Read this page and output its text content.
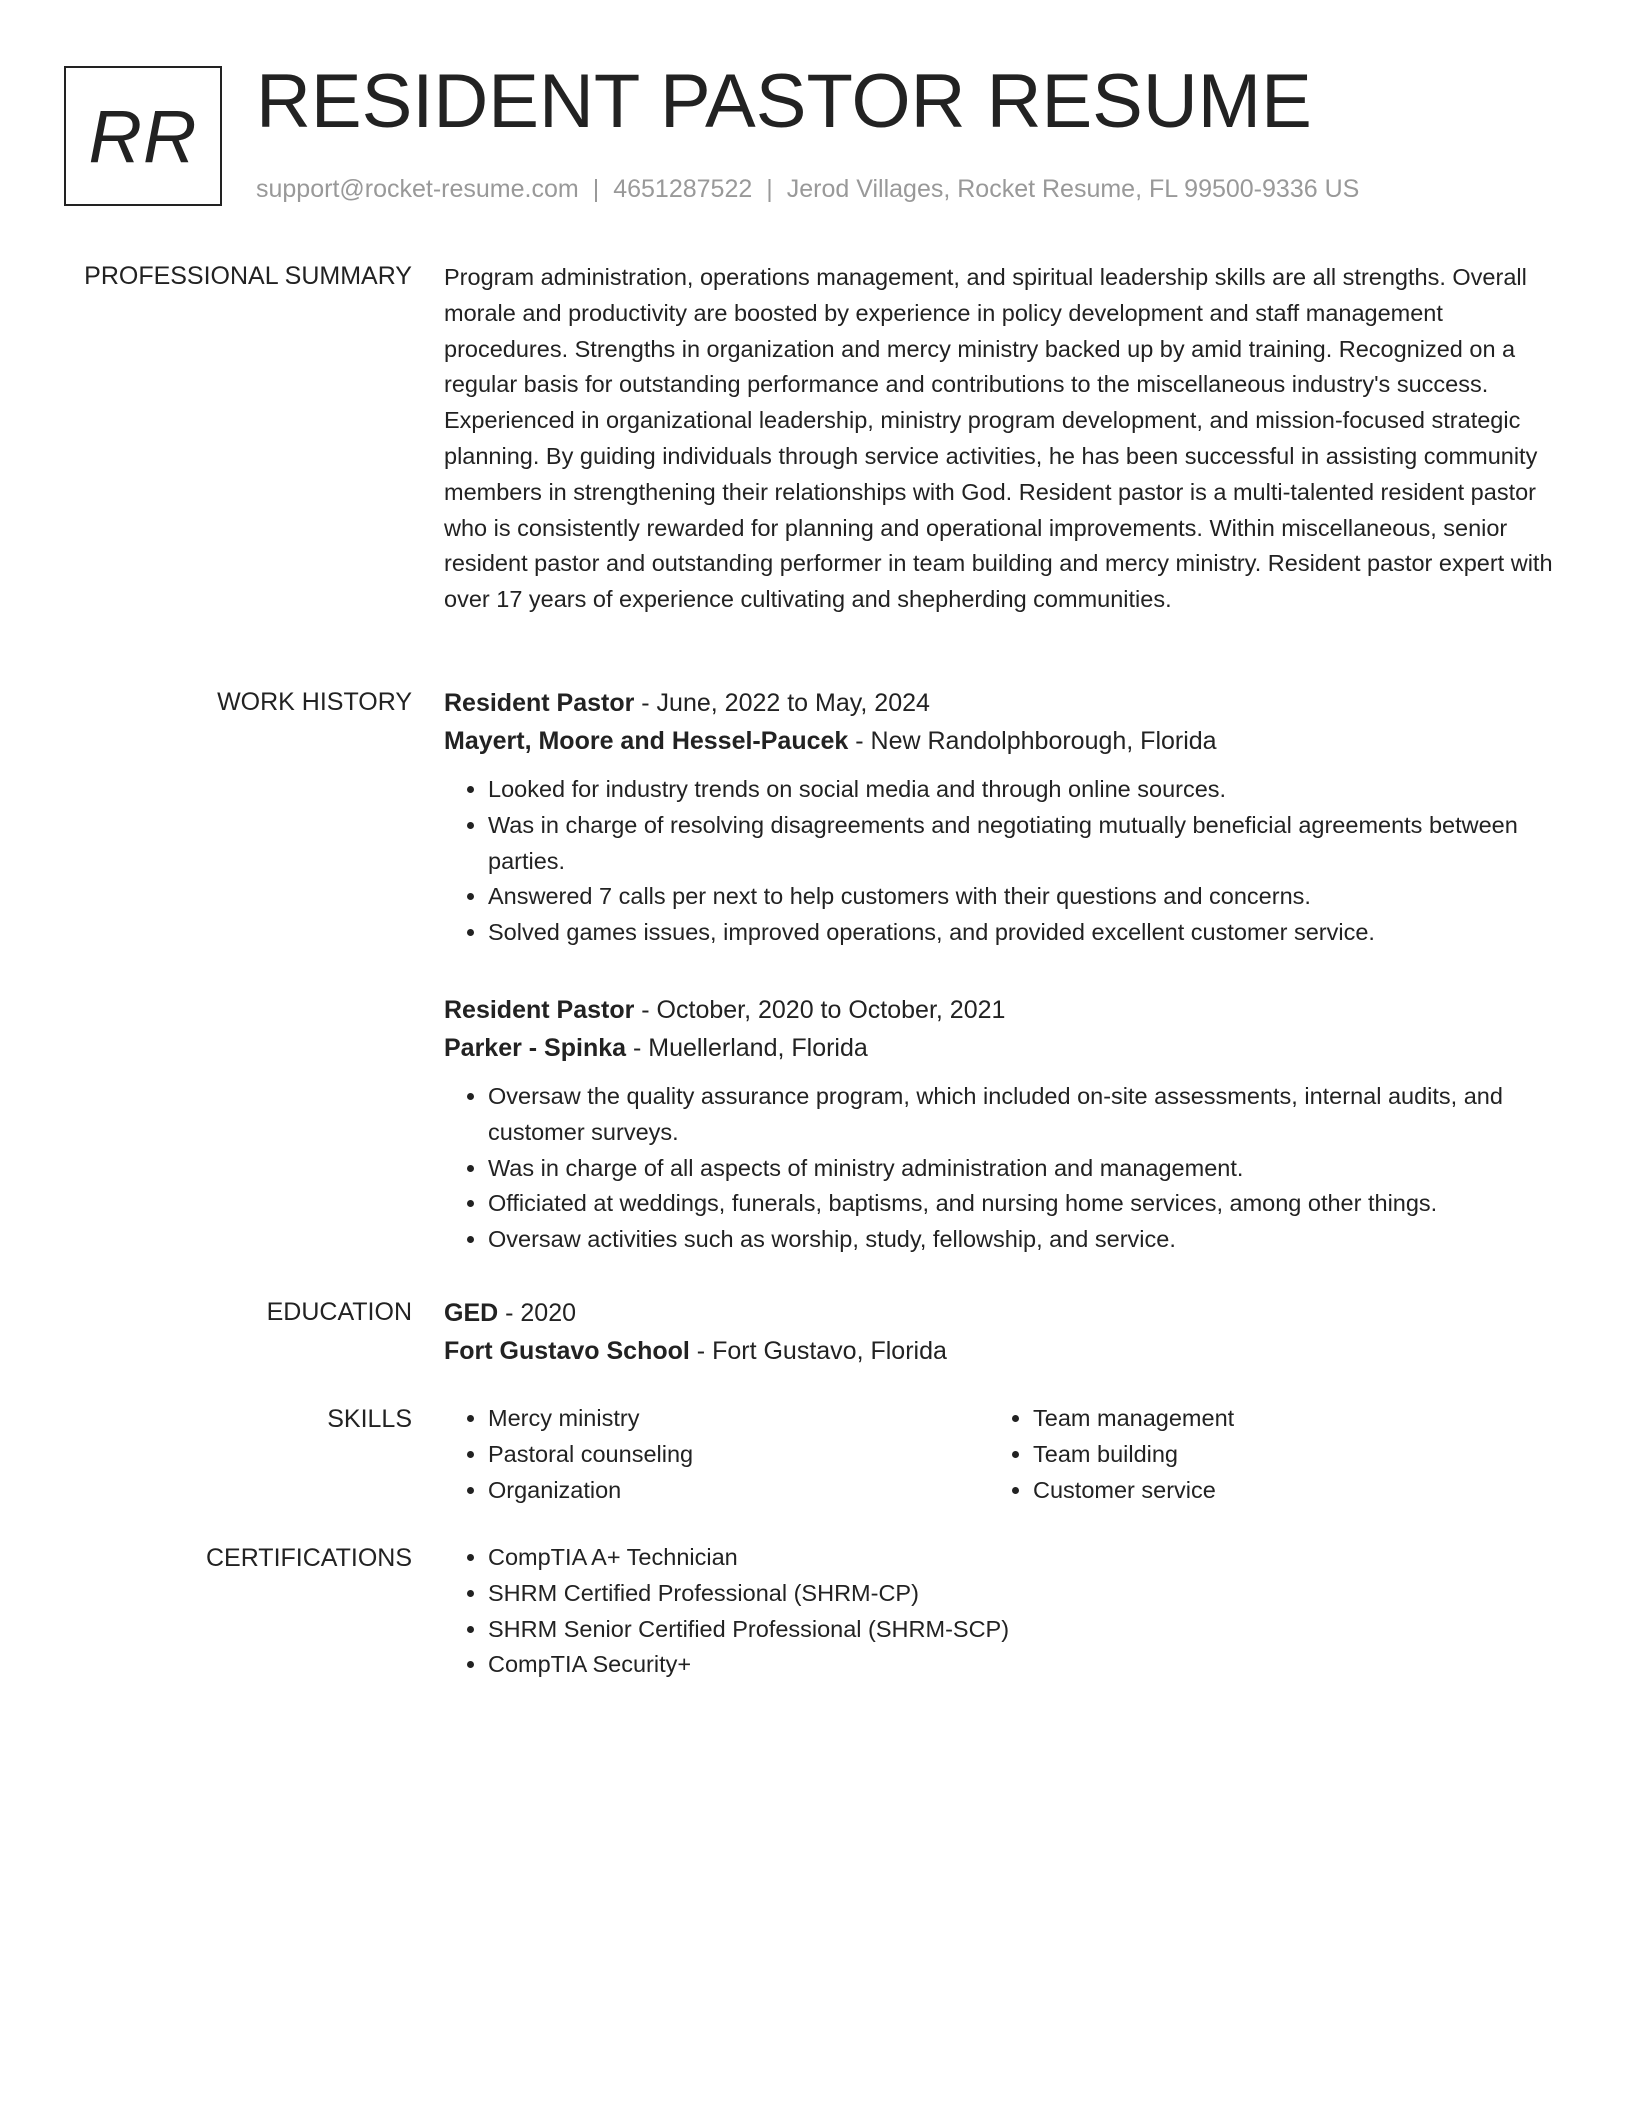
RR RESIDENT PASTOR RESUME
support@rocket-resume.com | 4651287522 | Jerod Villages, Rocket Resume, FL 99500-9336 US
PROFESSIONAL SUMMARY Program administration, operations management, and spiritual leadership skills are all strengths. Overall morale and productivity are boosted by experience in policy development and staff management procedures. Strengths in organization and mercy ministry backed up by amid training. Recognized on a regular basis for outstanding performance and contributions to the miscellaneous industry's success. Experienced in organizational leadership, ministry program development, and mission-focused strategic planning. By guiding individuals through service activities, he has been successful in assisting community members in strengthening their relationships with God. Resident pastor is a multi-talented resident pastor who is consistently rewarded for planning and operational improvements. Within miscellaneous, senior resident pastor and outstanding performer in team building and mercy ministry. Resident pastor expert with over 17 years of experience cultivating and shepherding communities.

WORK HISTORY Resident Pastor - June, 2022 to May, 2024
Mayert, Moore and Hessel-Paucek - New Randolphborough, Florida
• Looked for industry trends on social media and through online sources.
• Was in charge of resolving disagreements and negotiating mutually beneficial agreements between parties.
• Answered 7 calls per next to help customers with their questions and concerns.
• Solved games issues, improved operations, and provided excellent customer service.
Resident Pastor - October, 2020 to October, 2021
Parker - Spinka - Muellerland, Florida
• Oversaw the quality assurance program, which included on-site assessments, internal audits, and customer surveys.
• Was in charge of all aspects of ministry administration and management.
• Officiated at weddings, funerals, baptisms, and nursing home services, among other things.
• Oversaw activities such as worship, study, fellowship, and service.
EDUCATION GED - 2020
Fort Gustavo School - Fort Gustavo, Florida
SKILLS	• Mercy ministry
• Pastoral counseling
• Organization
• Team management
• Team building
• Customer service
CERTIFICATIONS	• CompTIA A+ Technician
• SHRM Certified Professional (SHRM-CP)
• SHRM Senior Certified Professional (SHRM-SCP)
• CompTIA Security+
